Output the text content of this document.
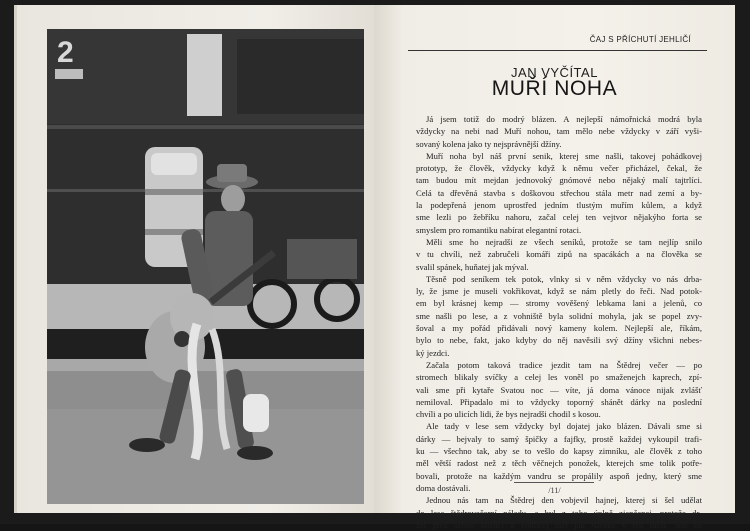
2	ČAJ S PŘÍCHUTÍ JEHLIČÍ
JAN VYČÍTAL
MUŘÍ NOHA
Já jsem totiž do modrý blázen. A nejlepší námořnická modrá byla
vždycky na nebi nad Muří nohou, tam mělo nebe vždycky v září vyši-
sovaný kolena jako ty nejsprávnější džíny.
Muří noha byl náš první senik, kterej sme našli, takovej pohádkovej
prototyp, že člověk, vždycky když k němu večer přicházel, čekal, že
tam budou mít mejdan jednovoký gnómové nebo nějaký malí tajtrlíci.
Celá ta dřevěná stavba s doškovou střechou stála metr nad zemí a by-
la podepřená jenom uprostřed jedním tlustým muřím kůlem, a když
sme lezli po žebříku nahoru, začal celej ten vejtvor nějakýho forta se
smyslem pro romantiku nabírat elegantní rotaci.
Měli sme ho nejradši ze všech seníků, protože se tam nejlíp snilo
v tu chvíli, než zabručeli komáři zipů na spacákách a na člověka se
svalil spánek, huňatej jak mýval.
Těsně pod seníkem tek potok, vlnky si v něm vždycky vo nás drba-
ly, že jsme je museli vokřikovat, když se nám pletly do řeči. Nad potok-
em byl krásnej kemp — stromy vověšený lebkama lani a jelenů, co
sme našli po lese, a z vohniště byla solidní mohyla, jak se popel zvy-
šoval a my pořád přidávali nový kameny kolem. Nejlepší ale, říkám,
bylo to nebe, fakt, jako kdyby do něj navěsili svý džíny všichni nebes-
ký jezdci.
Začala potom taková tradice jezdit tam na Štědrej večer — po
stromech blikaly svíčky a celej les voněl po smaženejch kaprech, zpí-
vali sme při kytaře Svatou noc — víte, já doma vánoce nijak zvlášť
nemiloval. Připadalo mi to vždycky toporný shánět dárky na poslední
chvíli a po ulicích lidi, že bys nejradši chodil s kosou.
Ale tady v lese sem vždycky byl dojatej jako blázen. Dávali sme si
dárky — bejvaly to samý špičky a fajfky, prostě každej vykoupil trafi-
ku — všechno tak, aby se to vešlo do kapsy zimníku, ale člověk z toho
měl větší radost než z těch věčnejch ponožek, kterejch sme tolik potře-
bovali, protože na každým vandru se propálily aspoň jedny, který sme
doma dostávali.
Jednou nás tam na Štědrej den vobjevil hajnej, kterej si šel udělat
do lesa štědrovečerní náladu, a byl z toho úplně zjančenej, protože dr-
žel před sebou kozlíci a voblíčej měl jak Alenka v říši divů. Stál na
/11/
